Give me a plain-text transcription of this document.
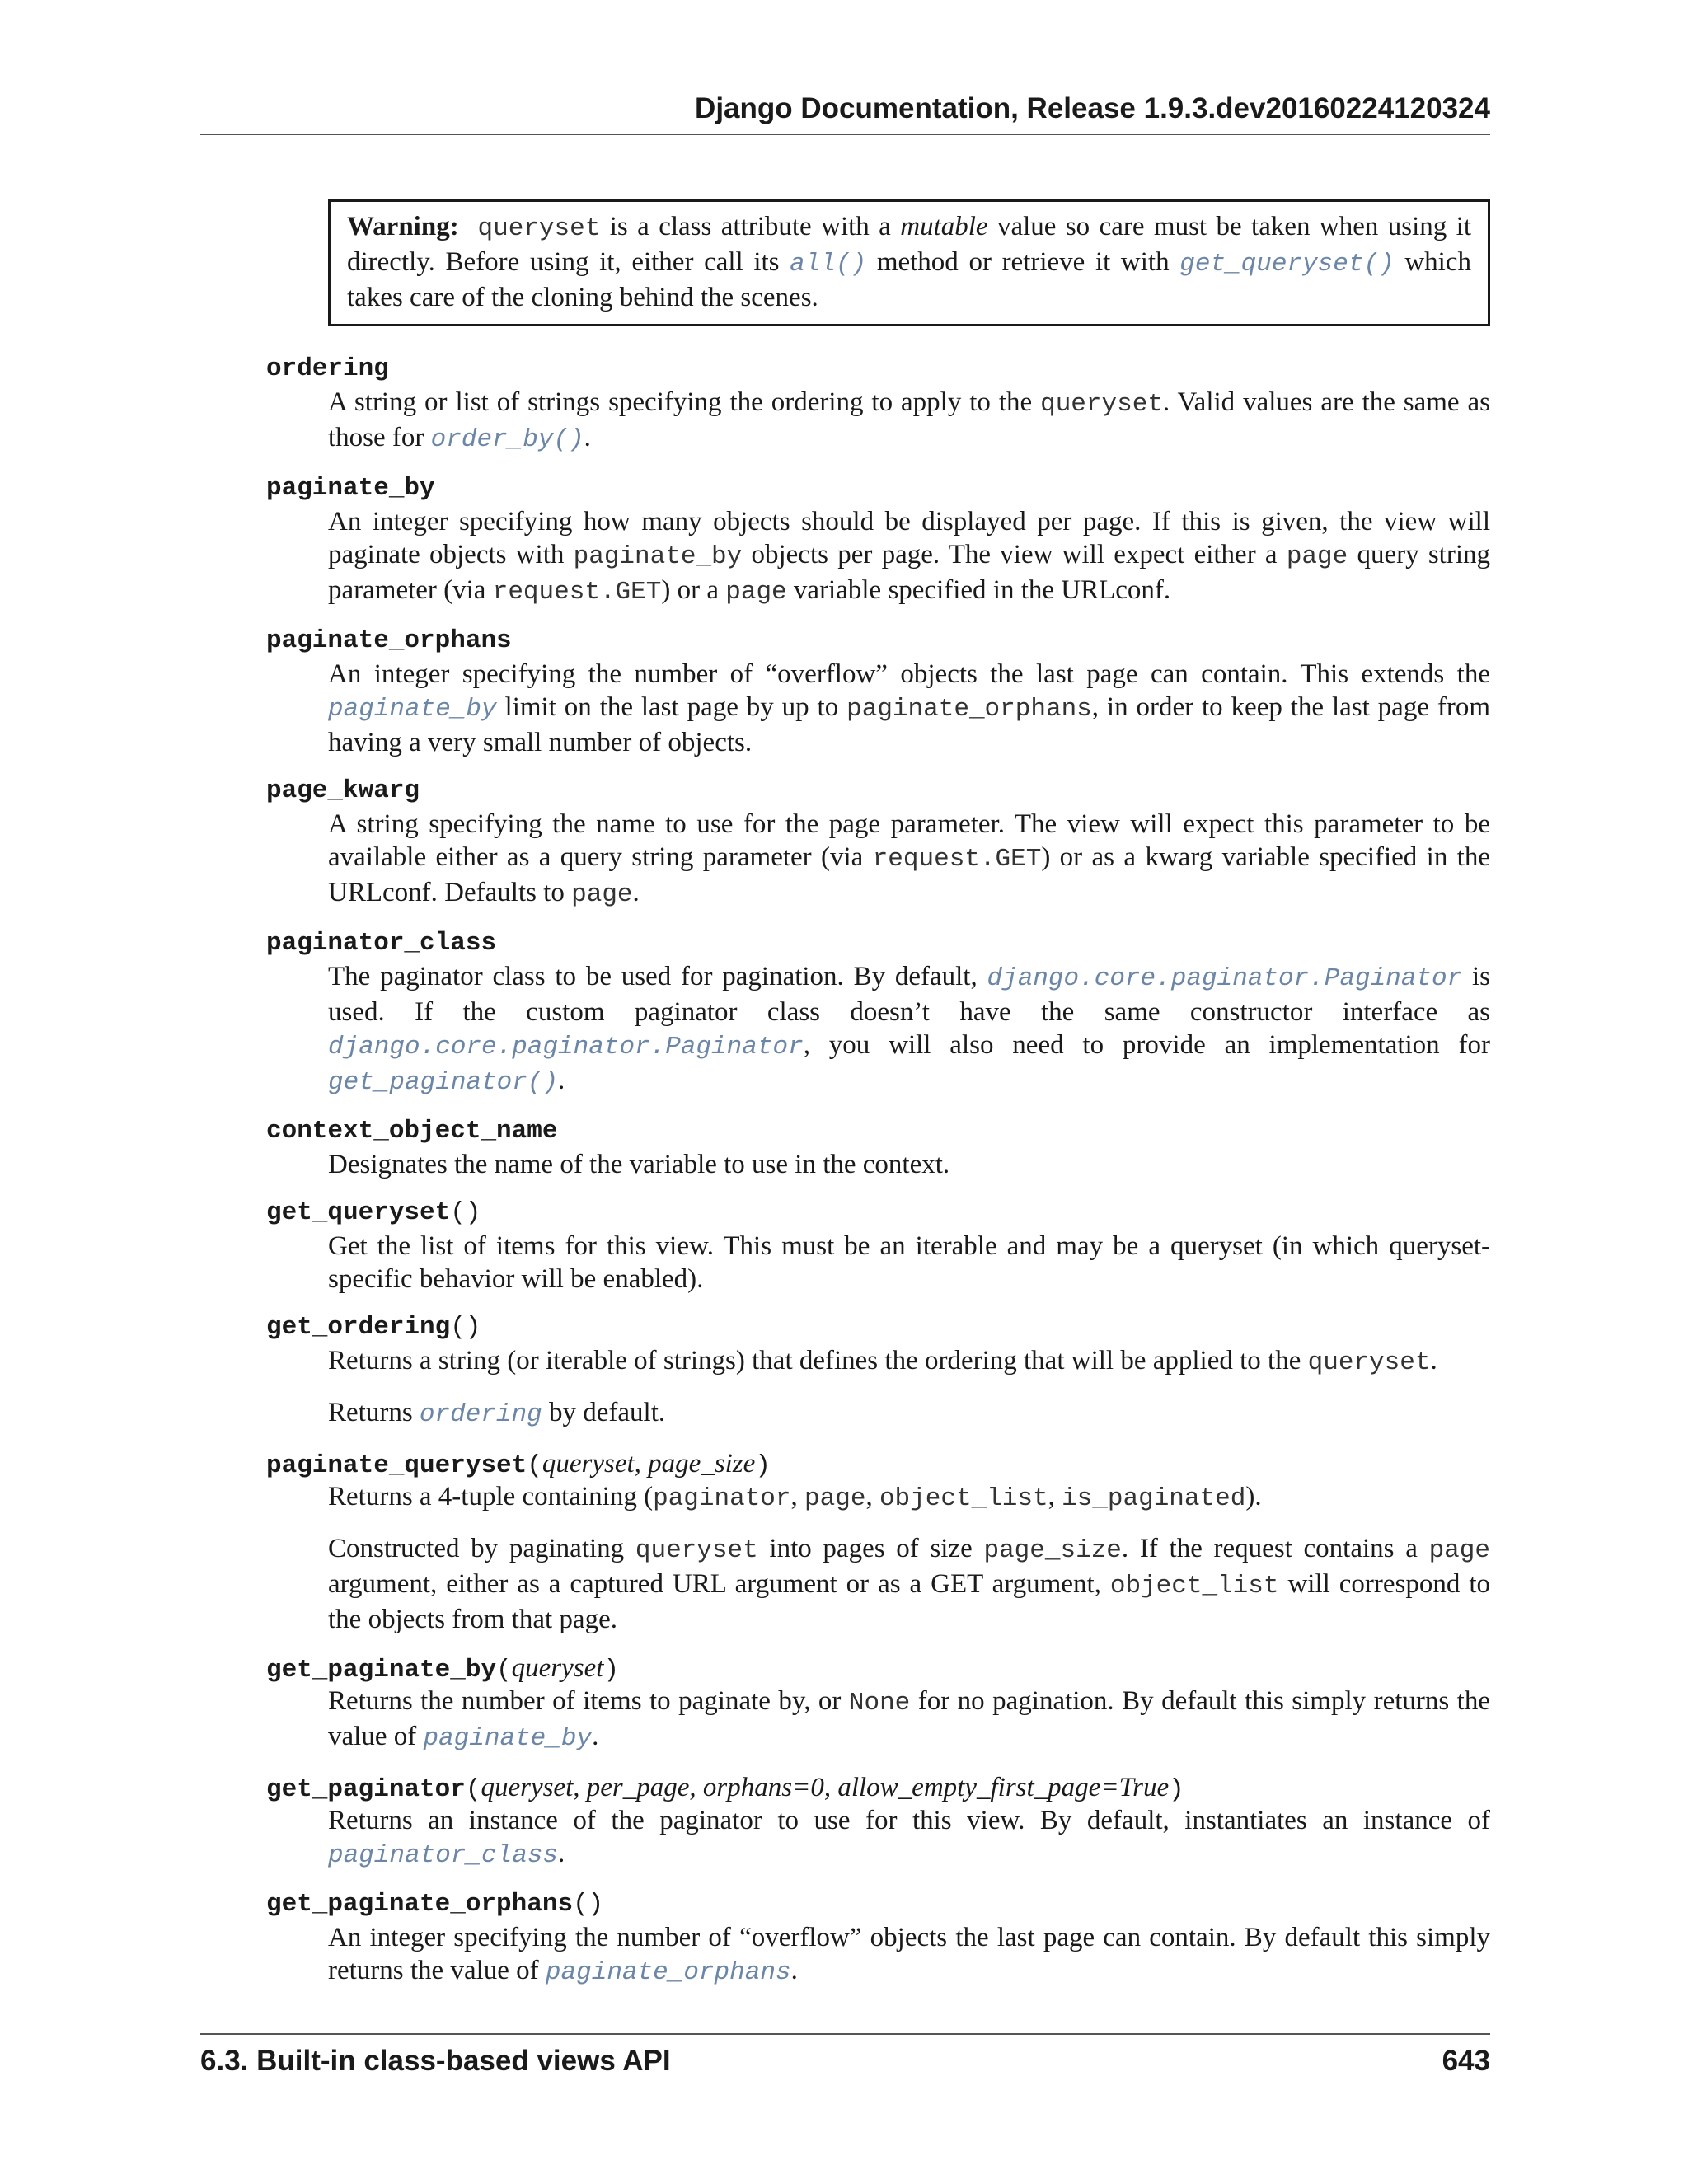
Django Documentation, Release 1.9.3.dev20160224120324
Warning: queryset is a class attribute with a mutable value so care must be taken when using it directly. Before using it, either call its all() method or retrieve it with get_queryset() which takes care of the cloning behind the scenes.
ordering

A string or list of strings specifying the ordering to apply to the queryset. Valid values are the same as those for order_by().

paginate_by

An integer specifying how many objects should be displayed per page. If this is given, the view will paginate objects with paginate_by objects per page. The view will expect either a page query string parameter (via request.GET) or a page variable specified in the URLconf.

paginate_orphans

An integer specifying the number of “overflow” objects the last page can contain. This extends the paginate_by limit on the last page by up to paginate_orphans, in order to keep the last page from having a very small number of objects.

page_kwarg

A string specifying the name to use for the page parameter. The view will expect this parameter to be available either as a query string parameter (via request.GET) or as a kwarg variable specified in the URLconf. Defaults to page.

paginator_class

The paginator class to be used for pagination. By default, django.core.paginator.Paginator is used. If the custom paginator class doesn’t have the same constructor interface as django.core.paginator.Paginator, you will also need to provide an implementation for get_paginator().

context_object_name

Designates the name of the variable to use in the context.

get_queryset()

Get the list of items for this view. This must be an iterable and may be a queryset (in which queryset-specific behavior will be enabled).

get_ordering()

Returns a string (or iterable of strings) that defines the ordering that will be applied to the queryset.

Returns ordering by default.

paginate_queryset(queryset, page_size)

Returns a 4-tuple containing (paginator, page, object_list, is_paginated).

Constructed by paginating queryset into pages of size page_size. If the request contains a page argument, either as a captured URL argument or as a GET argument, object_list will correspond to the objects from that page.

get_paginate_by(queryset)

Returns the number of items to paginate by, or None for no pagination. By default this simply returns the value of paginate_by.

get_paginator(queryset, per_page, orphans=0, allow_empty_first_page=True)

Returns an instance of the paginator to use for this view. By default, instantiates an instance of paginator_class.

get_paginate_orphans()

An integer specifying the number of “overflow” objects the last page can contain. By default this simply returns the value of paginate_orphans.

6.3. Built-in class-based views API	643
